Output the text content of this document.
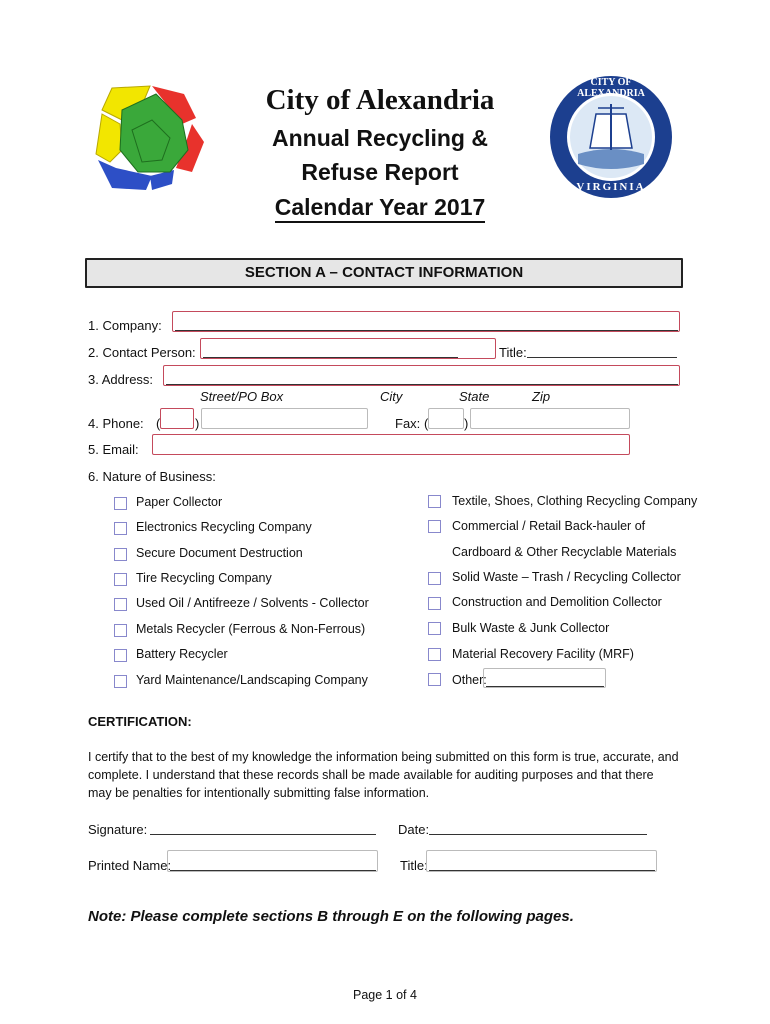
City of Alexandria
Annual Recycling &
Refuse Report
Calendar Year 2017
CITY OF ALEXANDRIA
VIRGINIA
SECTION A – CONTACT INFORMATION
1. Company:
2. Contact Person:	Title:
3. Address:
Street/PO Box	City	State	Zip
4. Phone: (	)	Fax: (	)
5. Email:
6. Nature of Business:
Paper Collector
Electronics Recycling Company
Secure Document Destruction
Tire Recycling Company
Used Oil / Antifreeze / Solvents - Collector
Metals Recycler (Ferrous & Non-Ferrous)
Battery Recycler
Yard Maintenance/Landscaping Company
Textile, Shoes, Clothing Recycling Company
Commercial / Retail Back-hauler of
Cardboard & Other Recyclable Materials
Solid Waste – Trash / Recycling Collector
Construction and Demolition Collector
Bulk Waste & Junk Collector
Material Recovery Facility (MRF)
Other:
CERTIFICATION:
I certify that to the best of my knowledge the information being submitted on this form is true, accurate, and
complete. I understand that these records shall be made available for auditing purposes and that there
may be penalties for intentionally submitting false information.
Signature:	Date:
Printed Name:	Title:
Note: Please complete sections B through E on the following pages.
Page 1 of 4
